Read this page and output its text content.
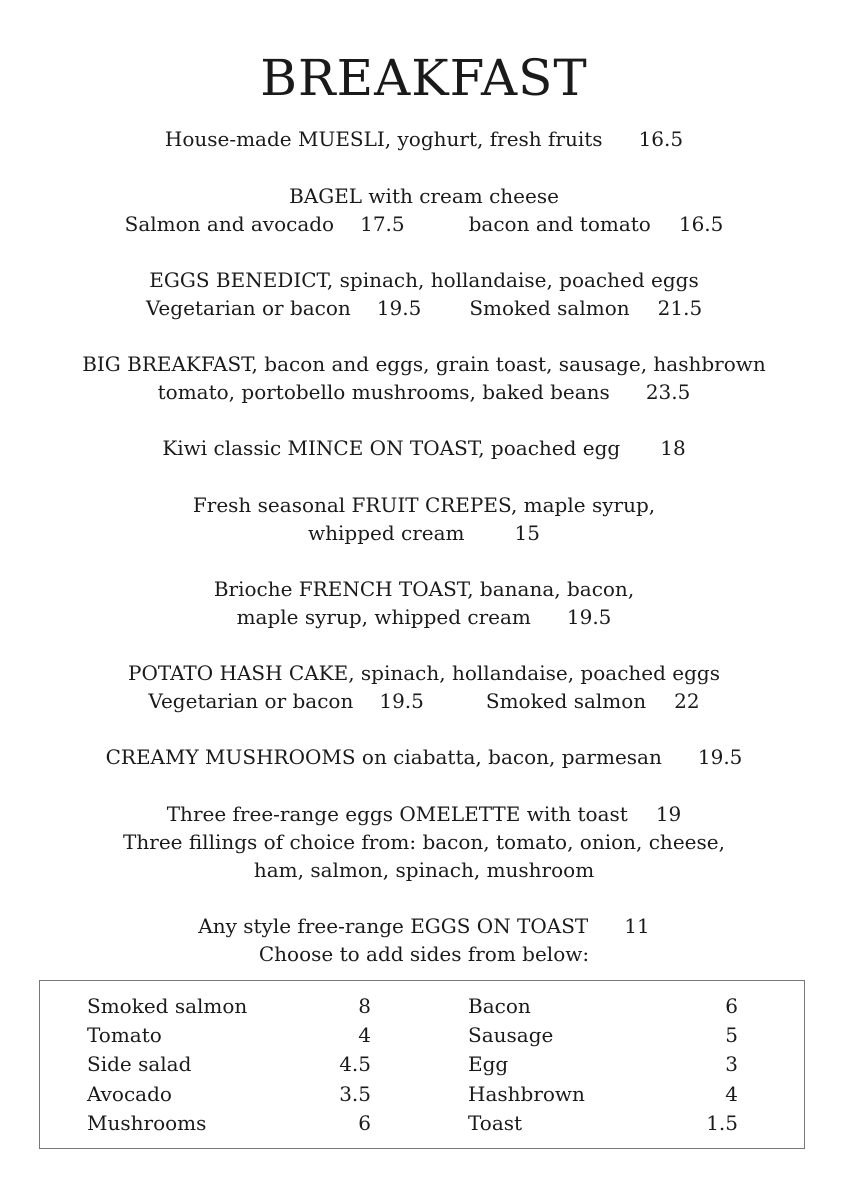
BREAKFAST
House-made MUESLI, yoghurt, fresh fruits 16.5
BAGEL with cream cheese
Salmon and avocado 17.5	bacon and tomato 16.5
EGGS BENEDICT, spinach, hollandaise, poached eggs
Vegetarian or bacon 19.5 Smoked salmon 21.5
BIG BREAKFAST, bacon and eggs, grain toast, sausage, hashbrown
tomato, portobello mushrooms, baked beans 23.5
Kiwi classic MINCE ON TOAST, poached egg 18
Fresh seasonal FRUIT CREPES, maple syrup,
whipped cream	15
Brioche FRENCH TOAST, banana, bacon,
maple syrup, whipped cream 19.5
POTATO HASH CAKE, spinach, hollandaise, poached eggs
Vegetarian or bacon 19.5	Smoked salmon 22
CREAMY MUSHROOMS on ciabatta, bacon, parmesan 19.5
Three free-range eggs OMELETTE with toast 19
Three fillings of choice from: bacon, tomato, onion, cheese,
ham, salmon, spinach, mushroom
Any style free-range EGGS ON TOAST 11
Choose to add sides from below:
Smoked salmon	8
Tomato	4
Side salad	4.5
Avocado	3.5
Mushrooms	6
Bacon	6
Sausage	5
Egg	3
Hashbrown	4
Toast	1.5
